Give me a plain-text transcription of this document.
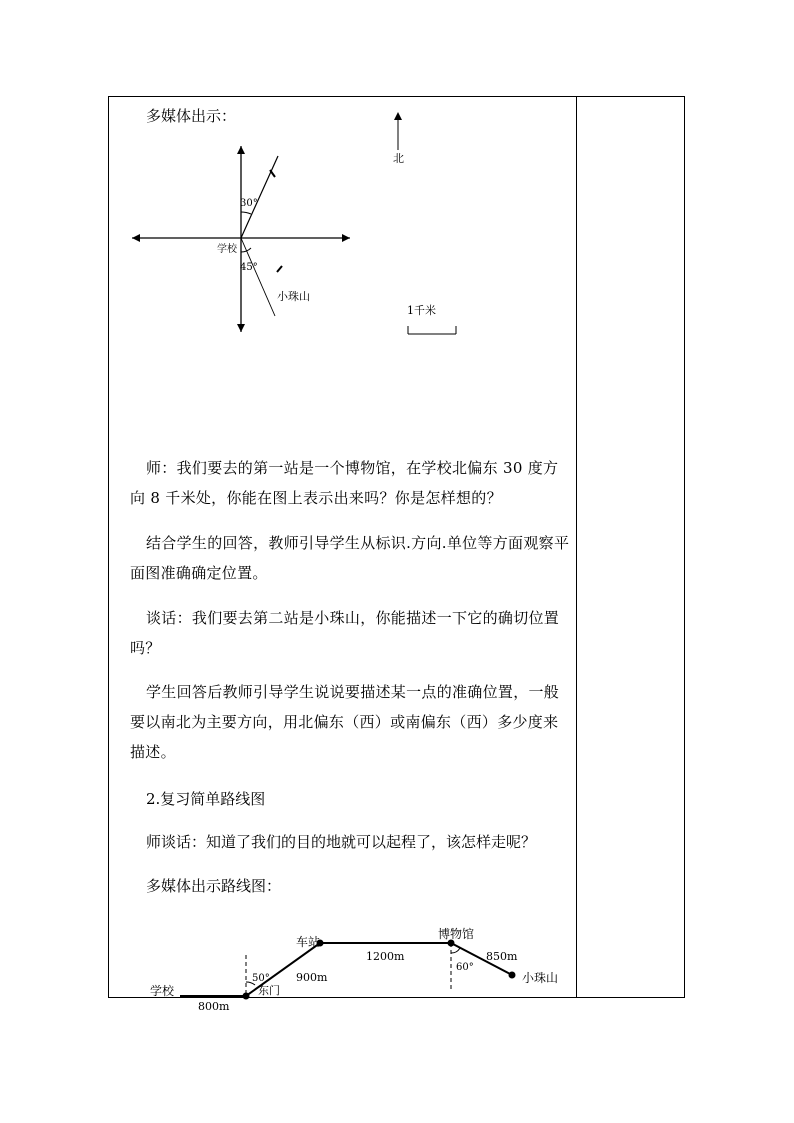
多媒体出示：
30°
学校
45°
小珠山
北
1千米
师：我们要去的第一站是一个博物馆，在学校北偏东 30 度方向 8 千米处，你能在图上表示出来吗？你是怎样想的？
结合学生的回答，教师引导学生从标识.方向.单位等方面观察平面图准确确定位置。
谈话：我们要去第二站是小珠山，你能描述一下它的确切位置吗？
学生回答后教师引导学生说说要描述某一点的准确位置，一般要以南北为主要方向，用北偏东（西）或南偏东（西）多少度来描述。
2.复习简单路线图
师谈话：知道了我们的目的地就可以起程了，该怎样走呢？
多媒体出示路线图：
学校
车站
博物馆
小珠山
东门
50°
60°
800m
900m
1200m	850m
